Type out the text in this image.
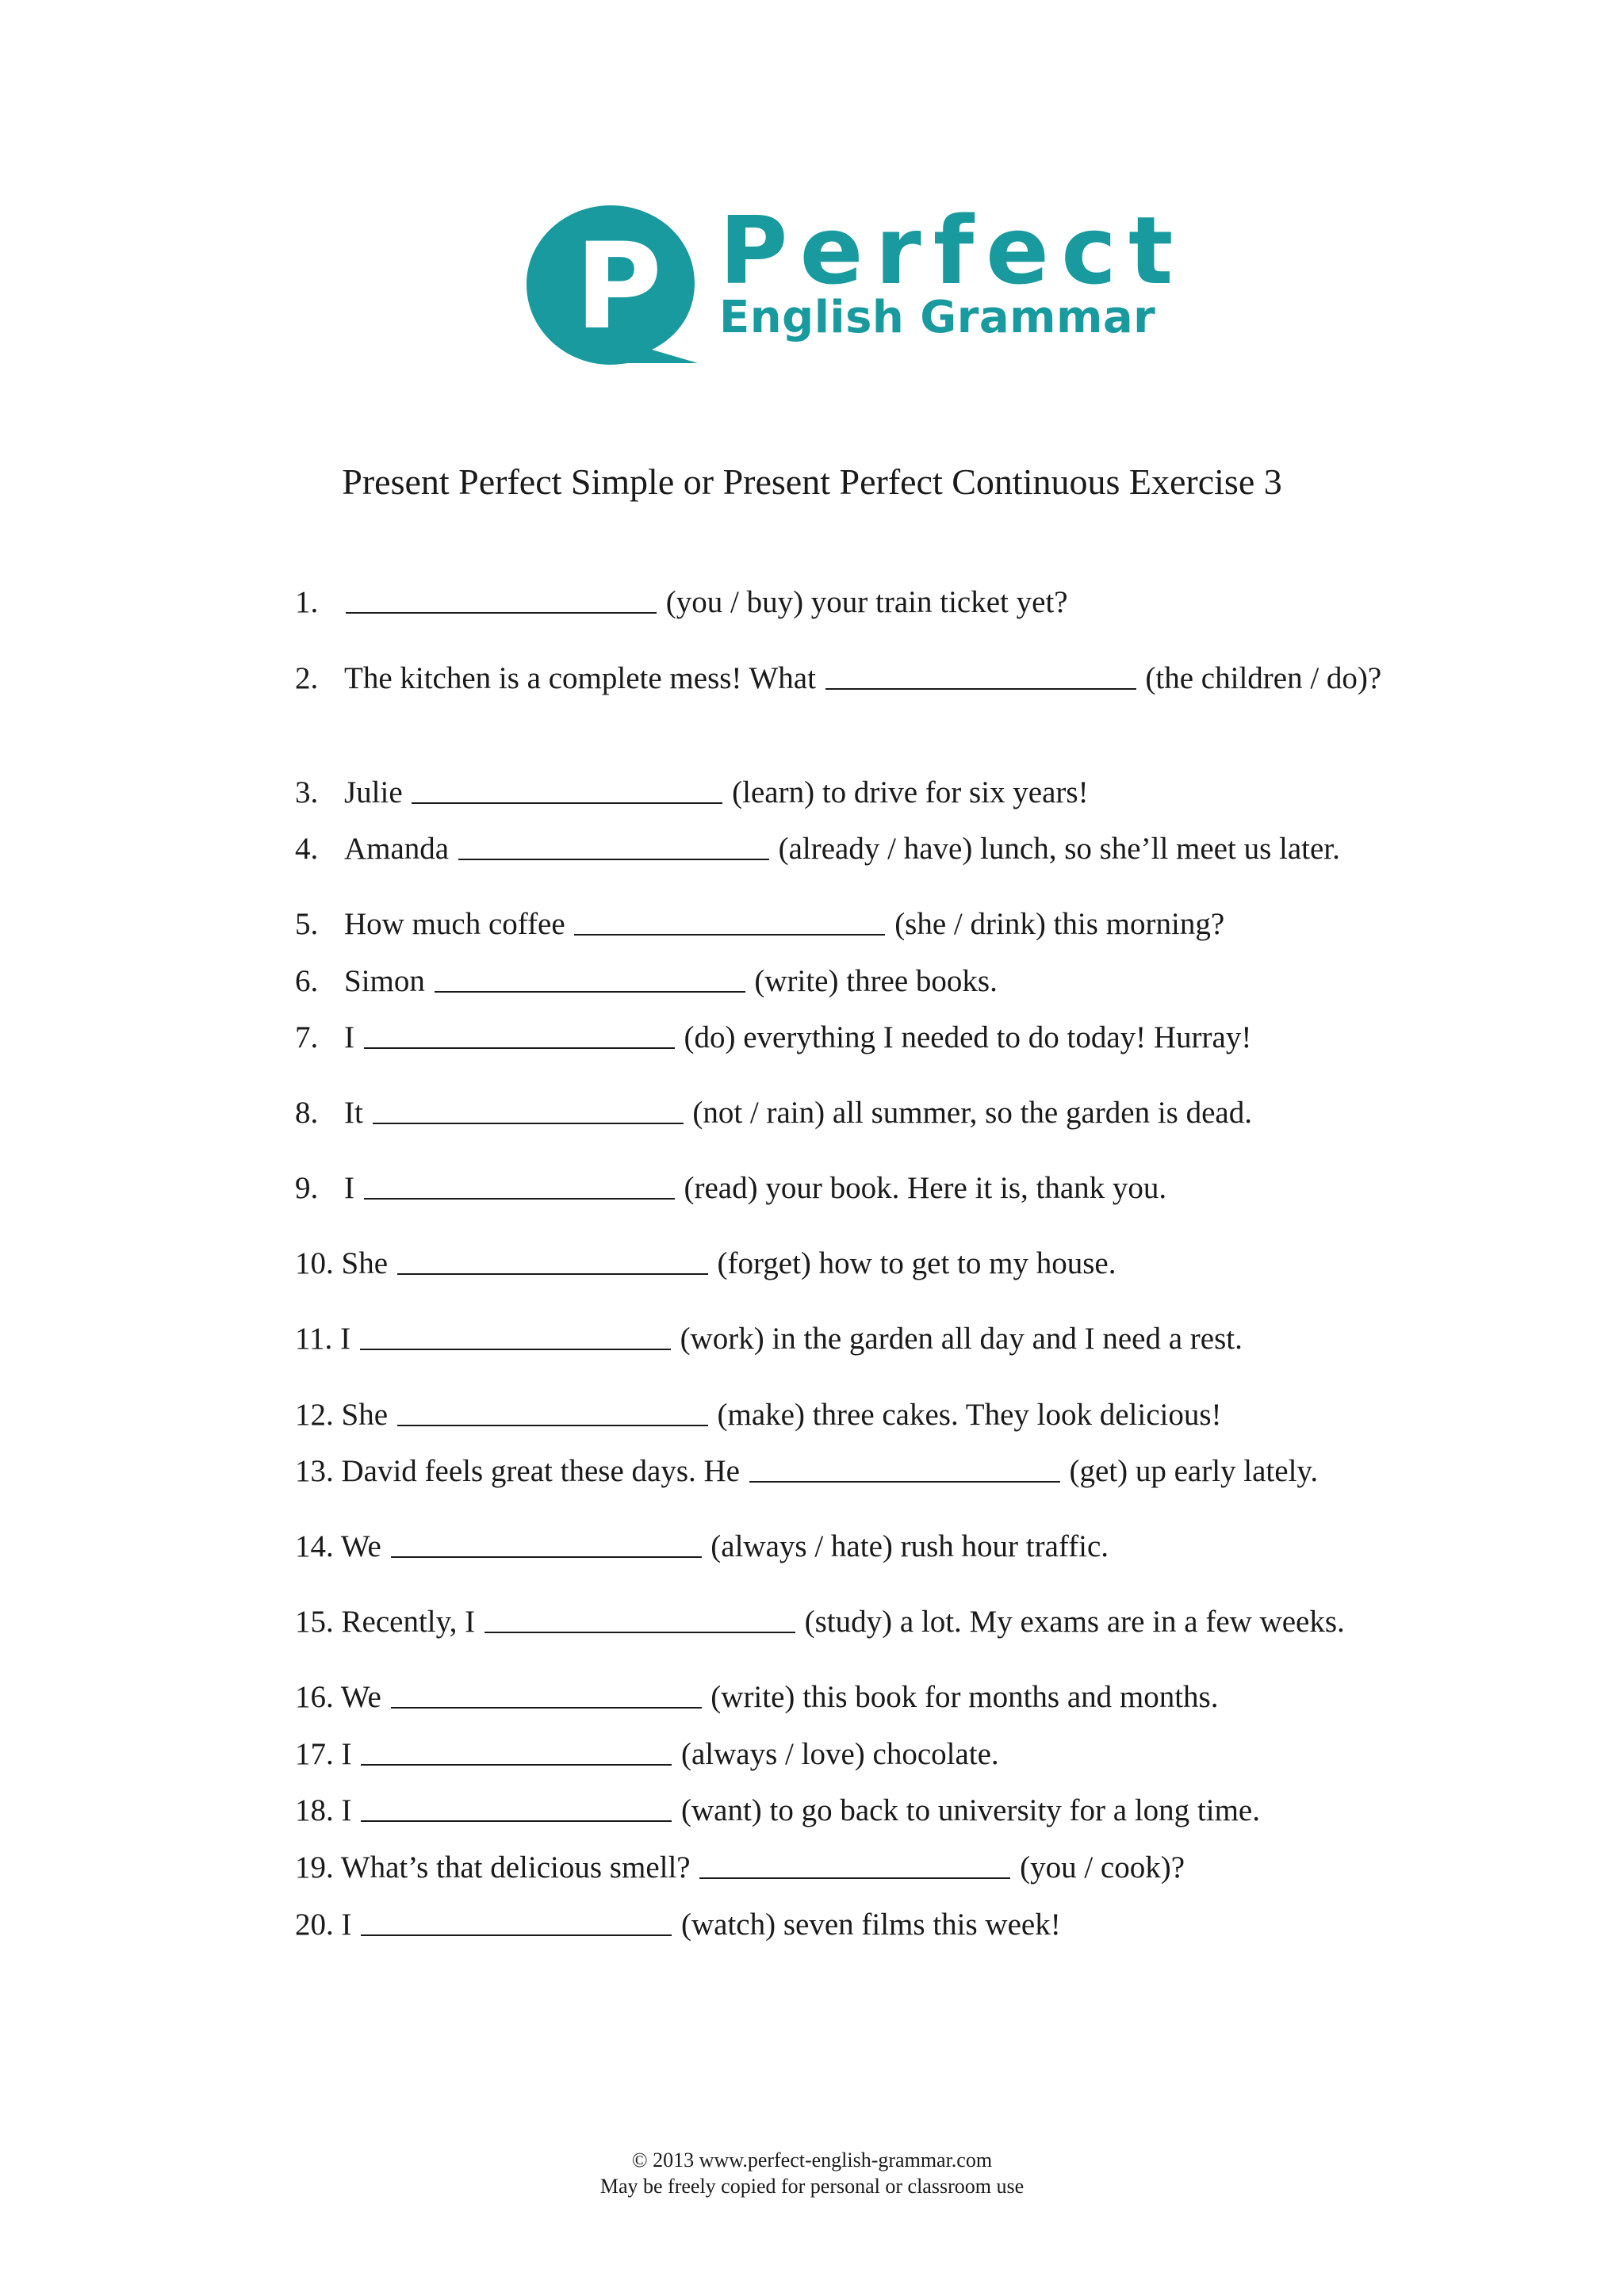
P Perfect
English Grammar
Present Perfect Simple or Present Perfect Continuous Exercise 3
1.	(you / buy) your train ticket yet?
2. The kitchen is a complete mess! What	(the children / do)?
3. Julie	(learn) to drive for six years!
4. Amanda	(already / have) lunch, so she’ll meet us later.
5. How much coffee	(she / drink) this morning?
6. Simon	(write) three books.
7. I	(do) everything I needed to do today! Hurray!
8. It	(not / rain) all summer, so the garden is dead.
9. I	(read) your book. Here it is, thank you.
10. She	(forget) how to get to my house.
11. I	(work) in the garden all day and I need a rest.
12. She	(make) three cakes. They look delicious!
13. David feels great these days. He	(get) up early lately.
14. We	(always / hate) rush hour traffic.
15. Recently, I	(study) a lot. My exams are in a few weeks.
16. We	(write) this book for months and months.
17. I	(always / love) chocolate.
18. I	(want) to go back to university for a long time.
19. What’s that delicious smell?	(you / cook)?
20. I	(watch) seven films this week!
© 2013 www.perfect-english-grammar.com
May be freely copied for personal or classroom use
